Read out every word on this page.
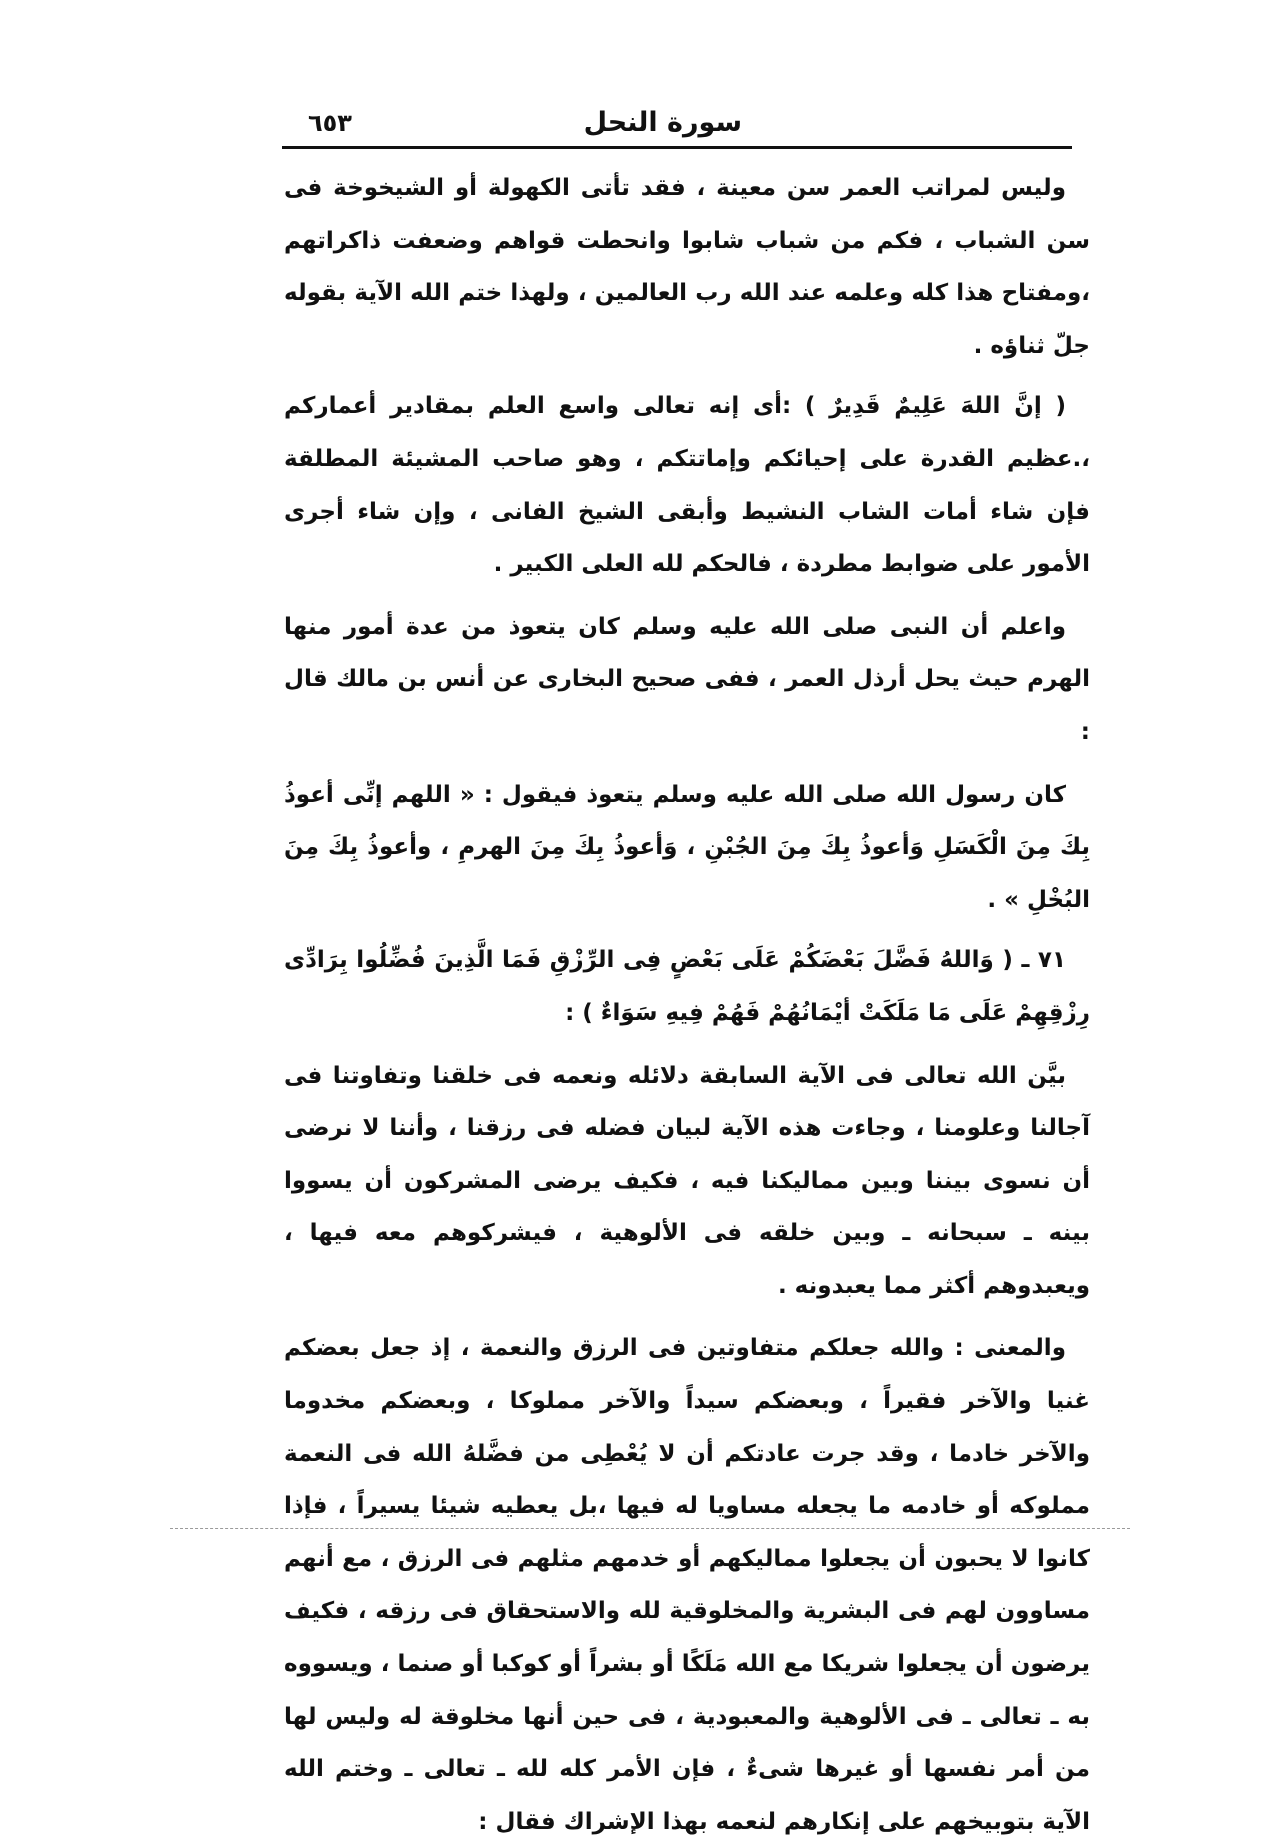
سورة النحل
٦٥٣

وليس لمراتب العمر سن معينة ، فقد تأتى الكهولة أو الشيخوخة فى سن الشباب ، فكم من شباب شابوا وانحطت قواهم وضعفت ذاكراتهم ،ومفتاح هذا كله وعلمه عند الله رب العالمين ، ولهذا ختم الله الآية بقوله جلّ ثناؤه .

( إنَّ اللهَ عَلِيمٌ قَدِيرٌ ) :أى إنه تعالى واسع العلم بمقادير أعماركم ،.عظيم القدرة على إحيائكم وإماتتكم ، وهو صاحب المشيئة المطلقة فإن شاء أمات الشاب النشيط وأبقى الشيخ الفانى ، وإن شاء أجرى الأمور على ضوابط مطردة ، فالحكم لله العلى الكبير .

واعلم أن النبى صلى الله عليه وسلم كان يتعوذ من عدة أمور منها الهرم حيث يحل أرذل العمر ، ففى صحيح البخارى عن أنس بن مالك قال :

كان رسول الله صلى الله عليه وسلم يتعوذ فيقول : « اللهم إنِّى أعوذُ بِكَ مِنَ الْكَسَلِ وَأعوذُ بِكَ مِنَ الجُبْنِ ، وَأعوذُ بِكَ مِنَ الهرمِ ، وأعوذُ بِكَ مِنَ البُخْلِ » .

٧١ ـ ( وَاللهُ فَضَّلَ بَعْضَكُمْ عَلَى بَعْضٍ فِى الرِّزْقِ فَمَا الَّذِينَ فُضِّلُوا بِرَادِّى رِزْقِهِمْ عَلَى مَا مَلَكَتْ أيْمَانُهُمْ فَهُمْ فِيهِ سَوَاءٌ ) :

بيَّن الله تعالى فى الآية السابقة دلائله ونعمه فى خلقنا وتفاوتنا فى آجالنا وعلومنا ، وجاءت هذه الآية لبيان فضله فى رزقنا ، وأننا لا نرضى أن نسوى بيننا وبين مماليكنا فيه ، فكيف يرضى المشركون أن يسووا بينه ـ سبحانه ـ وبين خلقه فى الألوهية ، فيشركوهم معه فيها ، ويعبدوهم أكثر مما يعبدونه .

والمعنى : والله جعلكم متفاوتين فى الرزق والنعمة ، إذ جعل بعضكم غنيا والآخر فقيراً ، وبعضكم سيداً والآخر مملوكا ، وبعضكم مخدوما والآخر خادما ، وقد جرت عادتكم أن لا يُعْطِى من فضَّلهُ الله فى النعمة مملوكه أو خادمه ما يجعله مساويا له فيها ،بل يعطيه شيئا يسيراً ، فإذا كانوا لا يحبون أن يجعلوا مماليكهم أو خدمهم مثلهم فى الرزق ، مع أنهم مساوون لهم فى البشرية والمخلوقية لله والاستحقاق فى رزقه ، فكيف يرضون أن يجعلوا شريكا مع الله مَلَكًا أو بشراً أو كوكبا أو صنما ، ويسووه به ـ تعالى ـ فى الألوهية والمعبودية ، فى حين أنها مخلوقة له وليس لها من أمر نفسها أو غيرها شىءٌ ، فإن الأمر كله لله ـ تعالى ـ وختم الله الآية بتوبيخهم على إنكارهم لنعمه بهذا الإشراك فقال :
